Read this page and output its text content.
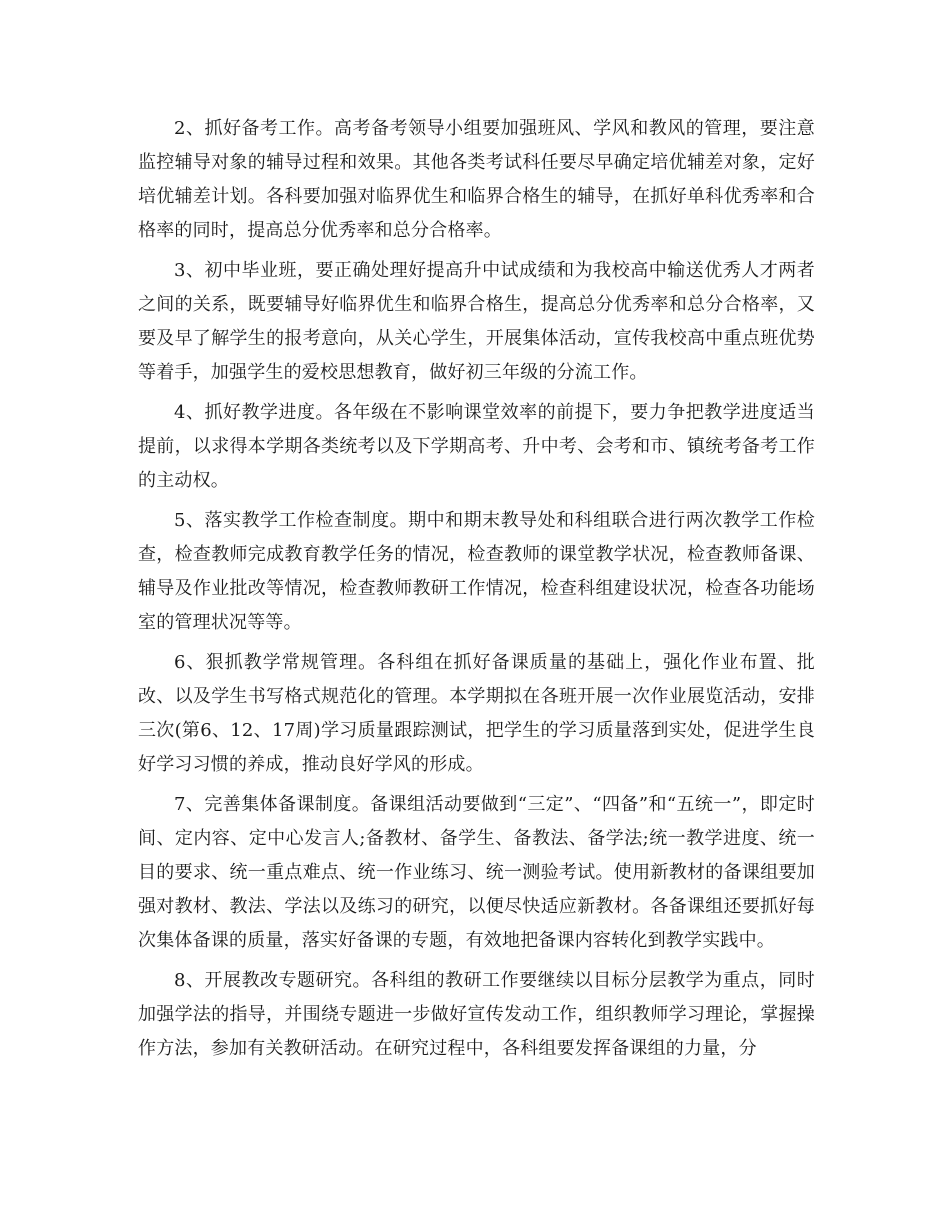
2、抓好备考工作。高考备考领导小组要加强班风、学风和教风的管理，要注意监控辅导对象的辅导过程和效果。其他各类考试科任要尽早确定培优辅差对象，定好培优辅差计划。各科要加强对临界优生和临界合格生的辅导，在抓好单科优秀率和合格率的同时，提高总分优秀率和总分合格率。

3、初中毕业班，要正确处理好提高升中试成绩和为我校高中输送优秀人才两者之间的关系，既要辅导好临界优生和临界合格生，提高总分优秀率和总分合格率，又要及早了解学生的报考意向，从关心学生，开展集体活动，宣传我校高中重点班优势等着手，加强学生的爱校思想教育，做好初三年级的分流工作。

4、抓好教学进度。各年级在不影响课堂效率的前提下，要力争把教学进度适当提前，以求得本学期各类统考以及下学期高考、升中考、会考和市、镇统考备考工作的主动权。

5、落实教学工作检查制度。期中和期末教导处和科组联合进行两次教学工作检查，检查教师完成教育教学任务的情况，检查教师的课堂教学状况，检查教师备课、辅导及作业批改等情况，检查教师教研工作情况，检查科组建设状况，检查各功能场室的管理状况等等。

6、狠抓教学常规管理。各科组在抓好备课质量的基础上，强化作业布置、批改、以及学生书写格式规范化的管理。本学期拟在各班开展一次作业展览活动，安排三次(第6、12、17周)学习质量跟踪测试，把学生的学习质量落到实处，促进学生良好学习习惯的养成，推动良好学风的形成。

7、完善集体备课制度。备课组活动要做到“三定”、“四备”和“五统一”，即定时间、定内容、定中心发言人;备教材、备学生、备教法、备学法;统一教学进度、统一目的要求、统一重点难点、统一作业练习、统一测验考试。使用新教材的备课组要加强对教材、教法、学法以及练习的研究，以便尽快适应新教材。各备课组还要抓好每次集体备课的质量，落实好备课的专题，有效地把备课内容转化到教学实践中。

8、开展教改专题研究。各科组的教研工作要继续以目标分层教学为重点，同时加强学法的指导，并围绕专题进一步做好宣传发动工作，组织教师学习理论，掌握操作方法，参加有关教研活动。在研究过程中，各科组要发挥备课组的力量，分
